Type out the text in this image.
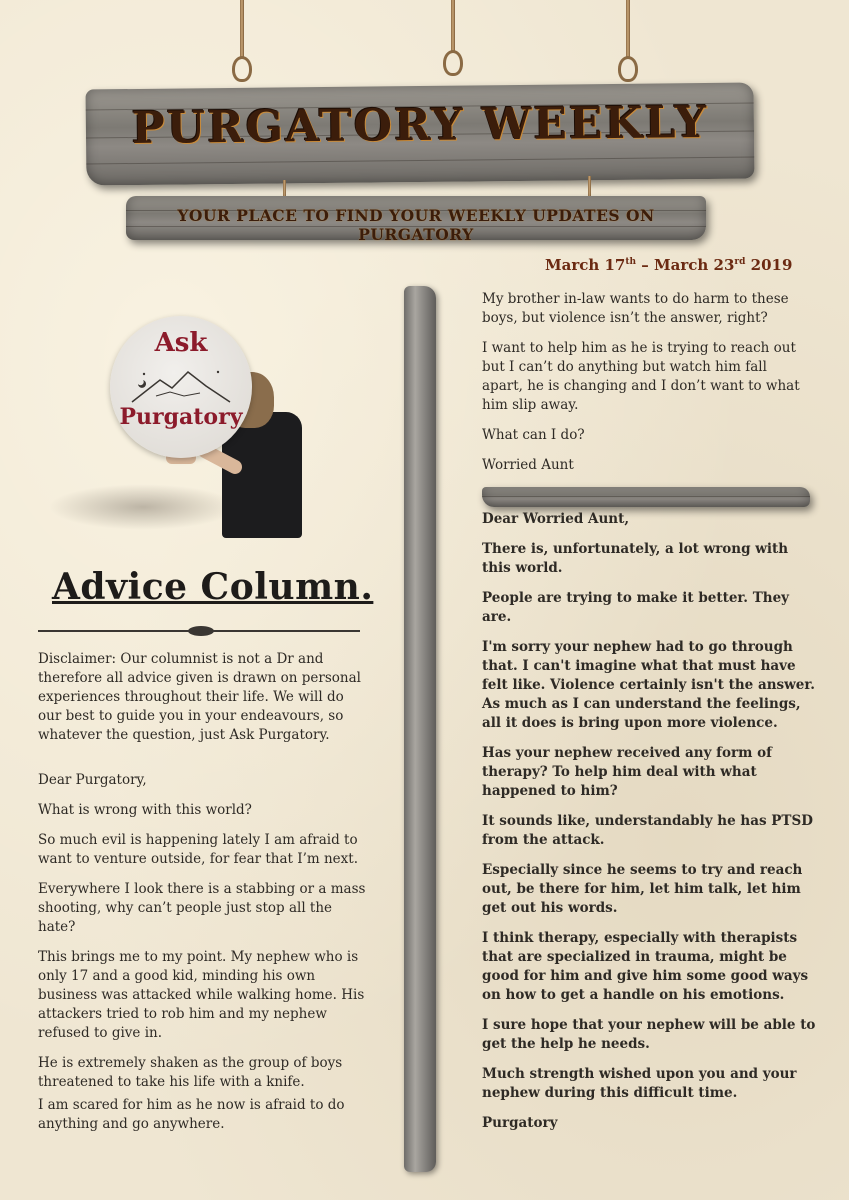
PURGATORY WEEKLY
YOUR PLACE TO FIND YOUR WEEKLY UPDATES ON PURGATORY
March 17th – March 23rd 2019
Ask
Purgatory
Advice Column.

Disclaimer: Our columnist is not a Dr and therefore all advice given is drawn on personal experiences throughout their life. We will do our best to guide you in your endeavours, so whatever the question, just Ask Purgatory.

Dear Purgatory,

What is wrong with this world?

So much evil is happening lately I am afraid to want to venture outside, for fear that I’m next.

Everywhere I look there is a stabbing or a mass shooting, why can’t people just stop all the hate?

This brings me to my point. My nephew who is only 17 and a good kid, minding his own business was attacked while walking home. His attackers tried to rob him and my nephew refused to give in.

He is extremely shaken as the group of boys threatened to take his life with a knife.

I am scared for him as he now is afraid to do anything and go anywhere.

My brother in-law wants to do harm to these boys, but violence isn’t the answer, right?

I want to help him as he is trying to reach out but I can’t do anything but watch him fall apart, he is changing and I don’t want to what him slip away.

What can I do?

Worried Aunt

Dear Worried Aunt,

There is, unfortunately, a lot wrong with this world.

People are trying to make it better. They are.

I'm sorry your nephew had to go through that. I can't imagine what that must have felt like. Violence certainly isn't the answer. As much as I can understand the feelings, all it does is bring upon more violence.

Has your nephew received any form of therapy? To help him deal with what happened to him?

It sounds like, understandably he has PTSD from the attack.

Especially since he seems to try and reach out, be there for him, let him talk, let him get out his words.

I think therapy, especially with therapists that are specialized in trauma, might be good for him and give him some good ways on how to get a handle on his emotions.

I sure hope that your nephew will be able to get the help he needs.

Much strength wished upon you and your nephew during this difficult time.

Purgatory
